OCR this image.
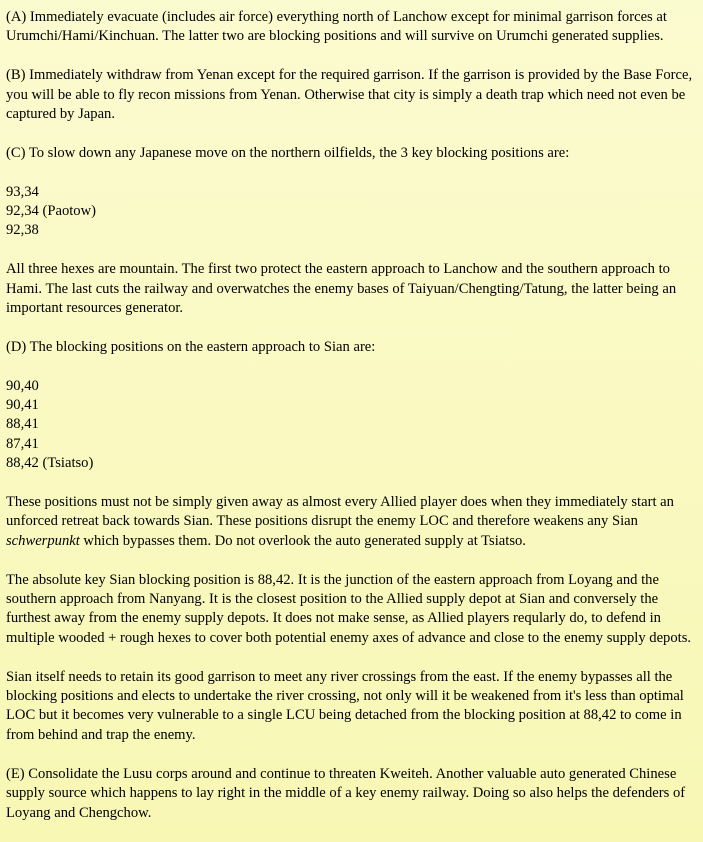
(A) Immediately evacuate (includes air force) everything north of Lanchow except for minimal garrison forces at Urumchi/Hami/Kinchuan. The latter two are blocking positions and will survive on Urumchi generated supplies.

(B) Immediately withdraw from Yenan except for the required garrison. If the garrison is provided by the Base Force, you will be able to fly recon missions from Yenan. Otherwise that city is simply a death trap which need not even be captured by Japan.

(C) To slow down any Japanese move on the northern oilfields, the 3 key blocking positions are:

93,34
92,34 (Paotow)
92,38

All three hexes are mountain. The first two protect the eastern approach to Lanchow and the southern approach to Hami. The last cuts the railway and overwatches the enemy bases of Taiyuan/Chengting/Tatung, the latter being an important resources generator.

(D) The blocking positions on the eastern approach to Sian are:

90,40
90,41
88,41
87,41
88,42 (Tsiatso)

These positions must not be simply given away as almost every Allied player does when they immediately start an unforced retreat back towards Sian. These positions disrupt the enemy LOC and therefore weakens any Sian schwerpunkt which bypasses them. Do not overlook the auto generated supply at Tsiatso.

The absolute key Sian blocking position is 88,42. It is the junction of the eastern approach from Loyang and the southern approach from Nanyang. It is the closest position to the Allied supply depot at Sian and conversely the furthest away from the enemy supply depots. It does not make sense, as Allied players reqularly do, to defend in multiple wooded + rough hexes to cover both potential enemy axes of advance and close to the enemy supply depots.

Sian itself needs to retain its good garrison to meet any river crossings from the east. If the enemy bypasses all the blocking positions and elects to undertake the river crossing, not only will it be weakened from it's less than optimal LOC but it becomes very vulnerable to a single LCU being detached from the blocking position at 88,42 to come in from behind and trap the enemy.

(E) Consolidate the Lusu corps around and continue to threaten Kweiteh. Another valuable auto generated Chinese supply source which happens to lay right in the middle of a key enemy railway. Doing so also helps the defenders of Loyang and Chengchow.
